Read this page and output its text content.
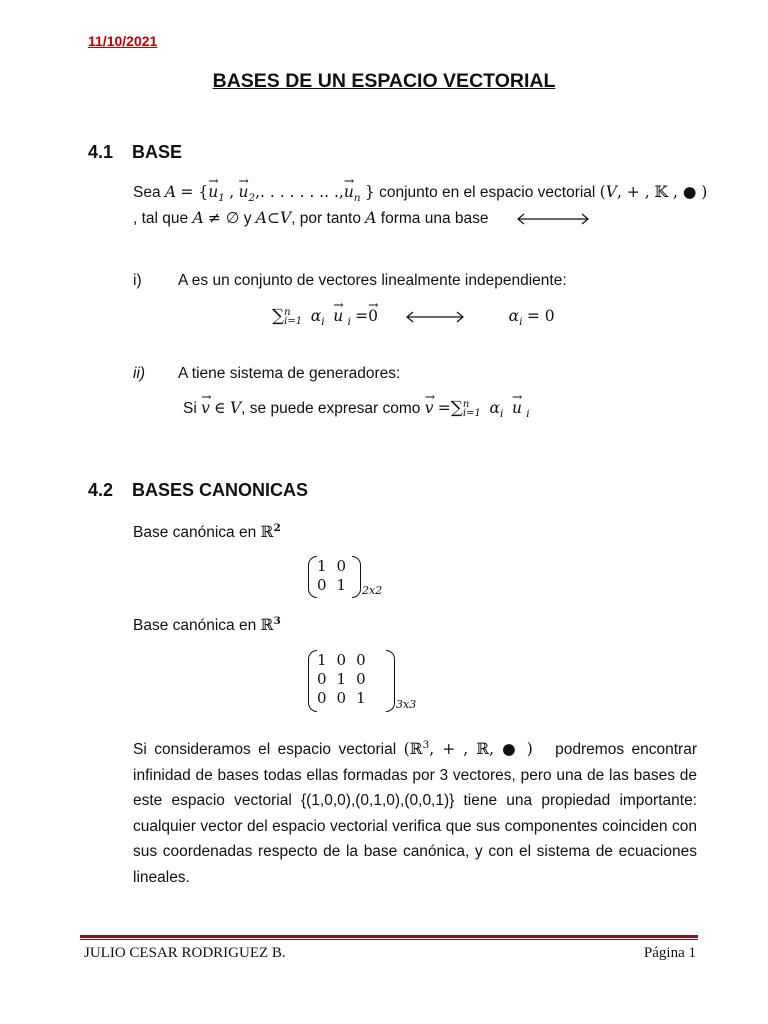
11/10/2021
BASES DE UN ESPACIO VECTORIAL
4.1 BASE
Sea A = {→ $u_1$ , → $u_2$,. . . . . . .. .,→ $u_n$ } conjunto en el espacio vectorial (V, + , 𝕂 , ● )
, tal que A ≠ ∅ y A⊂V, por tanto A forma una base
i) A es un conjunto de vectores linealmente independiente:
∑ n
i=1 $\alpha_i \to u$ $_i$ =→ 0	$\alpha_i = 0$
ii) A tiene sistema de generadores:
Si → v ∈ V, se puede expresar como → v =∑ n
i=1 $\alpha_i \to u$ $_i$
4.2 BASES CANONICAS
Base canónica en ℝ$^2$
1	0
0	1 2x2
Base canónica en ℝ$^3$
1	0	0
0	1	0
0	0	1	3x3
Si consideramos el espacio vectorial (ℝ$^3$, + , ℝ, ● )   podremos encontrar infinidad de bases todas ellas formadas por 3 vectores, pero una de las bases de este espacio vectorial {(1,0,0),(0,1,0),(0,0,1)} tiene una propiedad importante: cualquier vector del espacio vectorial verifica que sus componentes coinciden con sus coordenadas respecto de la base canónica, y con el sistema de ecuaciones lineales.
JULIO CESAR RODRIGUEZ B.	Página 1
